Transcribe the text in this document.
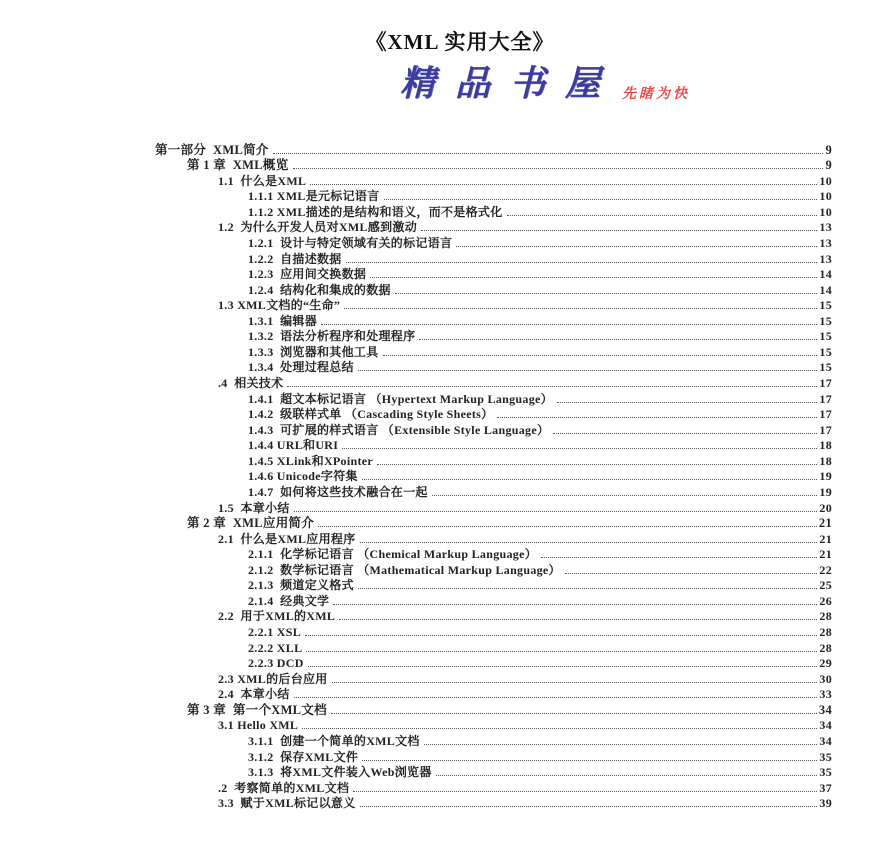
《XML 实用大全》
精品书屋 先睹为快
第一部分  XML简介	9
第 1 章  XML概览	9
1.1  什么是XML	10
1.1.1 XML是元标记语言	10
1.1.2 XML描述的是结构和语义，而不是格式化	10
1.2  为什么开发人员对XML感到激动	13
1.2.1  设计与特定领域有关的标记语言	13
1.2.2  自描述数据	13
1.2.3  应用间交换数据	14
1.2.4  结构化和集成的数据	14
1.3 XML文档的“生命”	15
1.3.1  编辑器	15
1.3.2  语法分析程序和处理程序	15
1.3.3  浏览器和其他工具	15
1.3.4  处理过程总结	15
.4  相关技术	17
1.4.1  超文本标记语言 （Hypertext Markup Language）	17
1.4.2  级联样式单 （Cascading Style Sheets）	17
1.4.3  可扩展的样式语言 （Extensible Style Language）	17
1.4.4 URL和URI	18
1.4.5 XLink和XPointer	18
1.4.6 Unicode字符集	19
1.4.7  如何将这些技术融合在一起	19
1.5  本章小结	20
第 2 章  XML应用简介	21
2.1  什么是XML应用程序	21
2.1.1  化学标记语言 （Chemical Markup Language）	21
2.1.2  数学标记语言 （Mathematical Markup Language）	22
2.1.3  频道定义格式	25
2.1.4  经典文学	26
2.2  用于XML的XML	28
2.2.1 XSL	28
2.2.2 XLL	28
2.2.3 DCD	29
2.3 XML的后台应用	30
2.4  本章小结	33
第 3 章  第一个XML文档	34
3.1 Hello XML	34
3.1.1  创建一个简单的XML文档	34
3.1.2  保存XML文件	35
3.1.3  将XML文件装入Web浏览器	35
.2  考察简单的XML文档	37
3.3  赋于XML标记以意义	39
